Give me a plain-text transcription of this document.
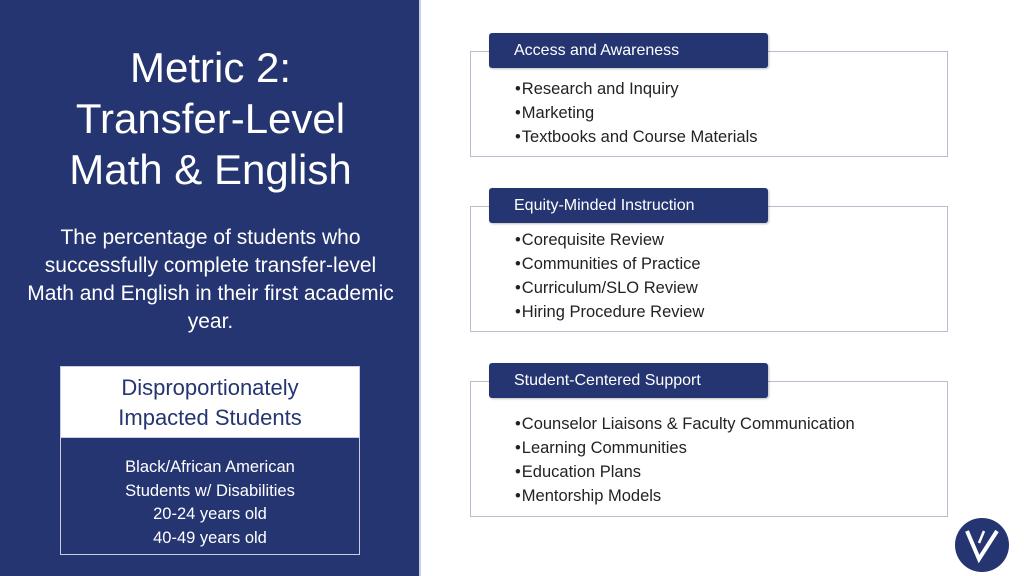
Metric 2:
Transfer-Level
Math & English
The percentage of students who successfully complete transfer-level Math and English in their first academic year.
Disproportionately
Impacted Students
Black/African American
Students w/ Disabilities
20-24 years old
40-49 years old
• Research and Inquiry
• Marketing
• Textbooks and Course Materials
Access and Awareness
• Corequisite Review
• Communities of Practice
• Curriculum/SLO Review
• Hiring Procedure Review
Equity-Minded Instruction
• Counselor Liaisons & Faculty Communication
• Learning Communities
• Education Plans
• Mentorship Models
Student-Centered Support
